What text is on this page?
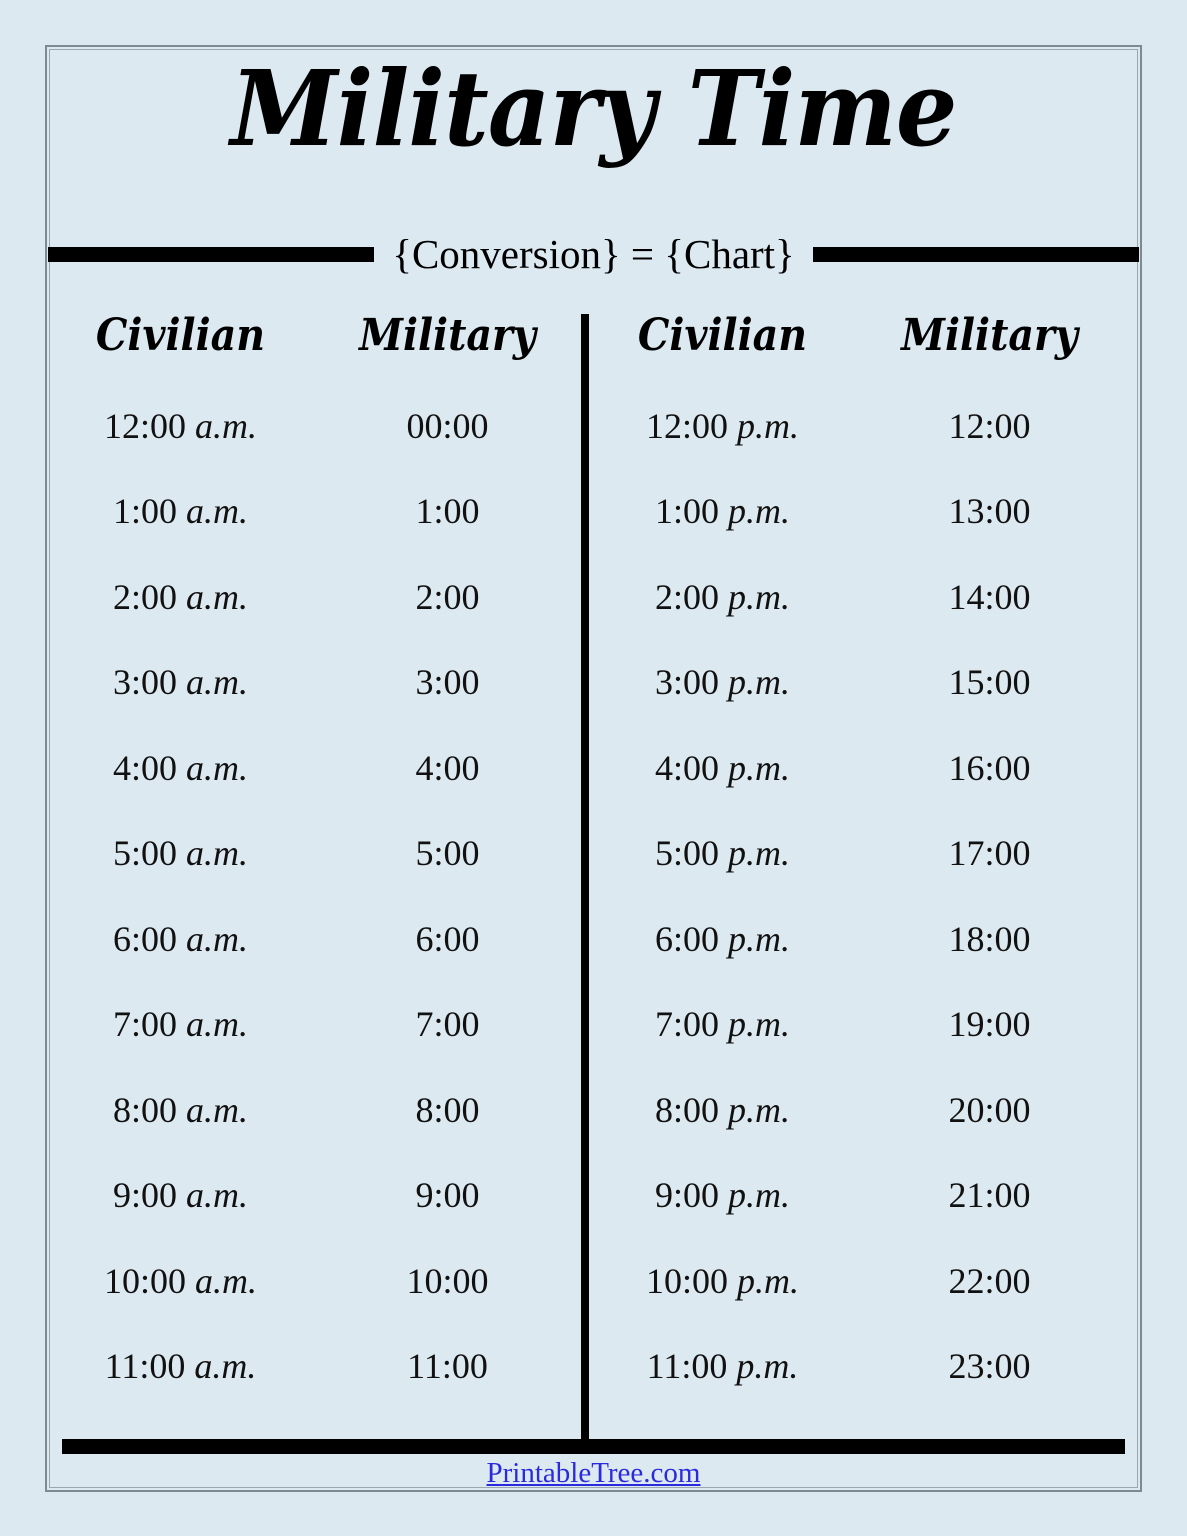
Military Time
{Conversion} = {Chart}
Civilian	Military
12:00 a.m.	00:00
1:00 a.m.	1:00
2:00 a.m.	2:00
3:00 a.m.	3:00
4:00 a.m.	4:00
5:00 a.m.	5:00
6:00 a.m.	6:00
7:00 a.m.	7:00
8:00 a.m.	8:00
9:00 a.m.	9:00
10:00 a.m.	10:00
11:00 a.m.	11:00
Civilian	Military
12:00 p.m.	12:00
1:00 p.m.	13:00
2:00 p.m.	14:00
3:00 p.m.	15:00
4:00 p.m.	16:00
5:00 p.m.	17:00
6:00 p.m.	18:00
7:00 p.m.	19:00
8:00 p.m.	20:00
9:00 p.m.	21:00
10:00 p.m.	22:00
11:00 p.m.	23:00
PrintableTree.com
